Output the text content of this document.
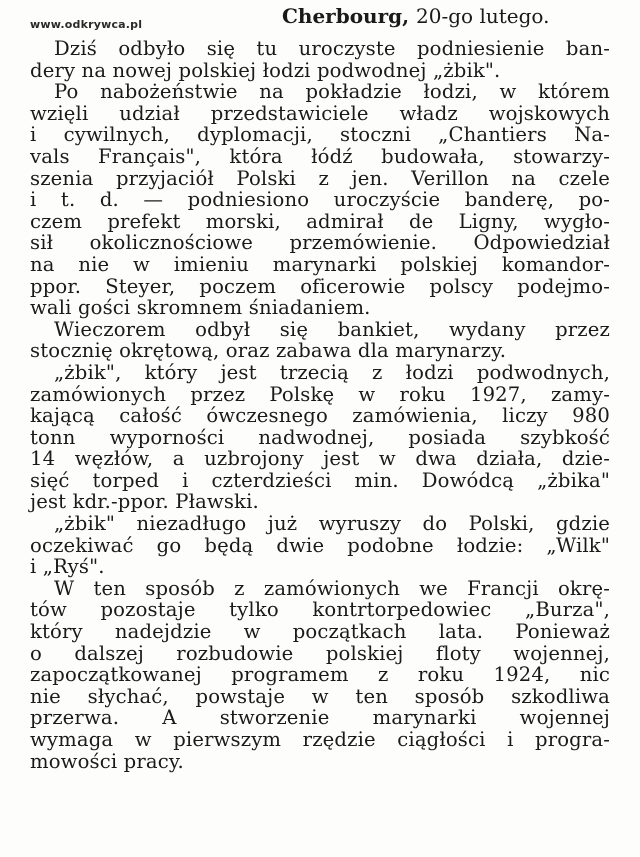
www.odkrywca.pl	Cherbourg, 20-go lutego.
Dziś odbyło się tu uroczyste podniesienie ban-
dery na nowej polskiej łodzi podwodnej „żbik".
Po nabożeństwie na pokładzie łodzi, w którem
wzięli udział przedstawiciele władz wojskowych
i cywilnych, dyplomacji, stoczni „Chantiers Na-
vals Français", która łódź budowała, stowarzy-
szenia przyjaciół Polski z jen. Verillon na czele
i t. d. — podniesiono uroczyście banderę, po-
czem prefekt morski, admirał de Ligny, wygło-
sił okolicznościowe przemówienie. Odpowiedział
na nie w imieniu marynarki polskiej komandor-
ppor. Steyer, poczem oficerowie polscy podejmo-
wali gości skromnem śniadaniem.
Wieczorem odbył się bankiet, wydany przez
stocznię okrętową, oraz zabawa dla marynarzy.
„żbik", który jest trzecią z łodzi podwodnych,
zamówionych przez Polskę w roku 1927, zamy-
kającą całość ówczesnego zamówienia, liczy 980
tonn wyporności nadwodnej, posiada szybkość
14 węzłów, a uzbrojony jest w dwa działa, dzie-
sięć torped i czterdzieści min. Dowódcą „żbika"
jest kdr.-ppor. Pławski.
„żbik" niezadługo już wyruszy do Polski, gdzie
oczekiwać go będą dwie podobne łodzie: „Wilk"
i „Ryś".
W ten sposób z zamówionych we Francji okrę-
tów pozostaje tylko kontrtorpedowiec „Burza",
który nadejdzie w początkach lata. Ponieważ
o dalszej rozbudowie polskiej floty wojennej,
zapoczątkowanej programem z roku 1924, nic
nie słychać, powstaje w ten sposób szkodliwa
przerwa. A stworzenie marynarki wojennej
wymaga w pierwszym rzędzie ciągłości i progra-
mowości pracy.
